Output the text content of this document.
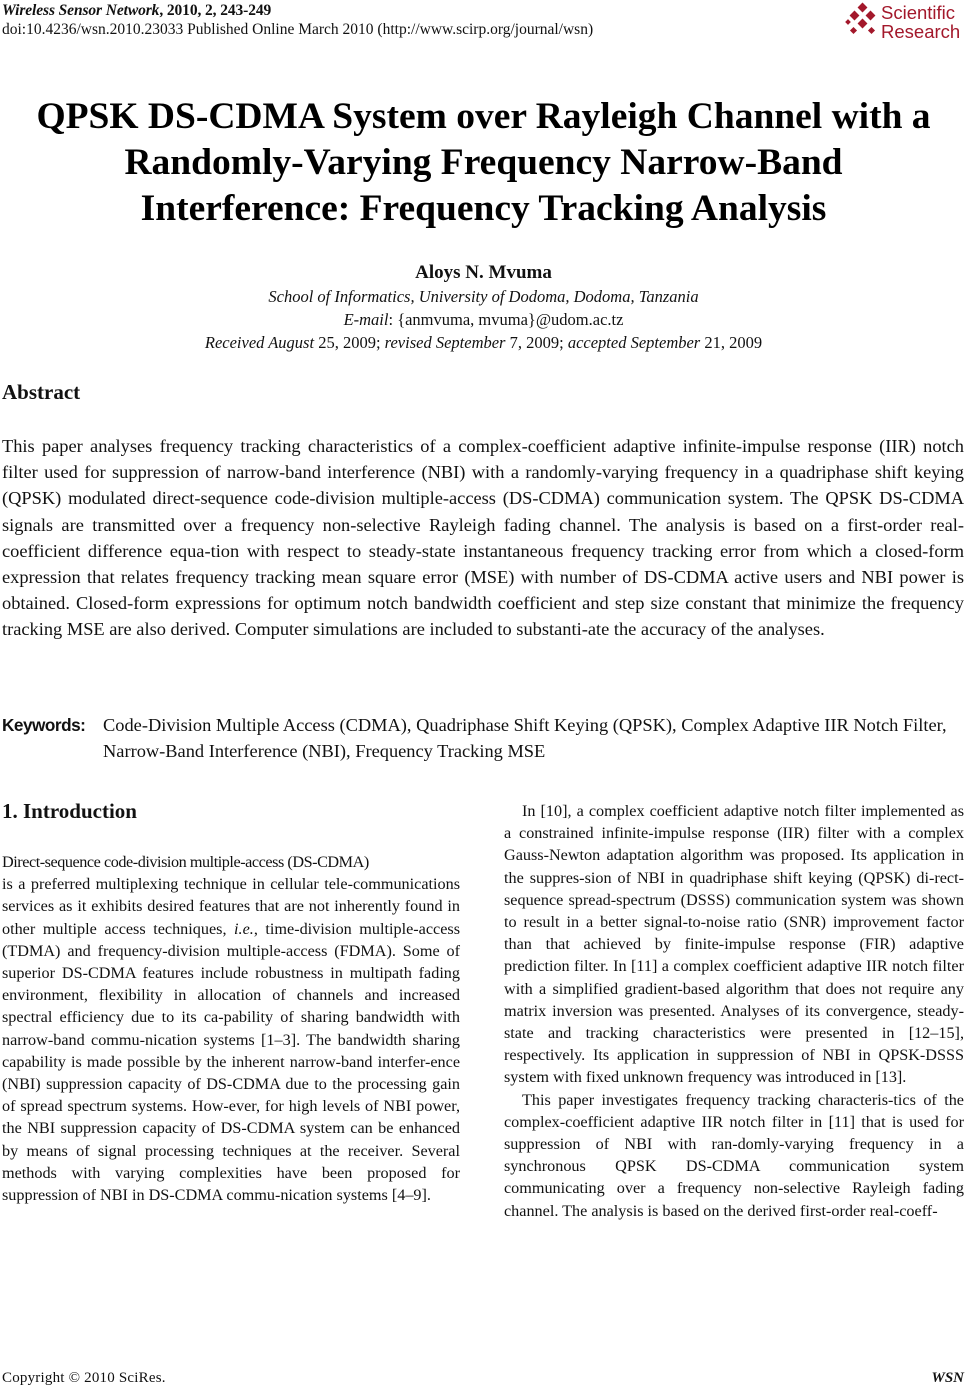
Wireless Sensor Network, 2010, 2, 243-249
doi:10.4236/wsn.2010.23033 Published Online March 2010 (http://www.scirp.org/journal/wsn)
Scientific
Research
QPSK DS-CDMA System over Rayleigh Channel with a
Randomly-Varying Frequency Narrow-Band
Interference: Frequency Tracking Analysis
Aloys N. Mvuma
School of Informatics, University of Dodoma, Dodoma, Tanzania
E-mail: {anmvuma, mvuma}@udom.ac.tz
Received August 25, 2009; revised September 7, 2009; accepted September 21, 2009
Abstract

This paper analyses frequency tracking characteristics of a complex-coefficient adaptive infinite-impulse response (IIR) notch filter used for suppression of narrow-band interference (NBI) with a randomly-varying frequency in a quadriphase shift keying (QPSK) modulated direct-sequence code-division multiple-access (DS-CDMA) communication system. The QPSK DS-CDMA signals are transmitted over a frequency non-selective Rayleigh fading channel. The analysis is based on a first-order real-coefficient difference equa-tion with respect to steady-state instantaneous frequency tracking error from which a closed-form expression that relates frequency tracking mean square error (MSE) with number of DS-CDMA active users and NBI power is obtained. Closed-form expressions for optimum notch bandwidth coefficient and step size constant that minimize the frequency tracking MSE are also derived. Computer simulations are included to substanti-ate the accuracy of the analyses.

Keywords: Code-Division Multiple Access (CDMA), Quadriphase Shift Keying (QPSK), Complex Adaptive IIR Notch Filter, Narrow-Band Interference (NBI), Frequency Tracking MSE
1. Introduction
Direct-sequence code-division multiple-access (DS-CDMA)
is a preferred multiplexing technique in cellular tele-communications services as it exhibits desired features that are not inherently found in other multiple access techniques, i.e., time-division multiple-access (TDMA) and frequency-division multiple-access (FDMA). Some of superior DS-CDMA features include robustness in multipath fading environment, flexibility in allocation of channels and increased spectral efficiency due to its ca-pability of sharing bandwidth with narrow-band commu-nication systems [1–3]. The bandwidth sharing capability is made possible by the inherent narrow-band interfer-ence (NBI) suppression capacity of DS-CDMA due to the processing gain of spread spectrum systems. How-ever, for high levels of NBI power, the NBI suppression capacity of DS-CDMA system can be enhanced by means of signal processing techniques at the receiver. Several methods with varying complexities have been proposed for suppression of NBI in DS-CDMA commu-nication systems [4–9].

In [10], a complex coefficient adaptive notch filter implemented as a constrained infinite-impulse response (IIR) filter with a complex Gauss-Newton adaptation algorithm was proposed. Its application in the suppres-sion of NBI in quadriphase shift keying (QPSK) di-rect-sequence spread-spectrum (DSSS) communication system was shown to result in a better signal-to-noise ratio (SNR) improvement factor than that achieved by finite-impulse response (FIR) adaptive prediction filter. In [11] a complex coefficient adaptive IIR notch filter with a simplified gradient-based algorithm that does not require any matrix inversion was presented. Analyses of its convergence, steady-state and tracking characteristics were presented in [12–15], respectively. Its application in suppression of NBI in QPSK-DSSS system with fixed unknown frequency was introduced in [13].

This paper investigates frequency tracking characteris-tics of the complex-coefficient adaptive IIR notch filter in [11] that is used for suppression of NBI with ran-domly-varying frequency in a synchronous QPSK DS-CDMA communication system communicating over a frequency non-selective Rayleigh fading channel. The analysis is based on the derived first-order real-coeff-

Copyright © 2010 SciRes.	WSN
